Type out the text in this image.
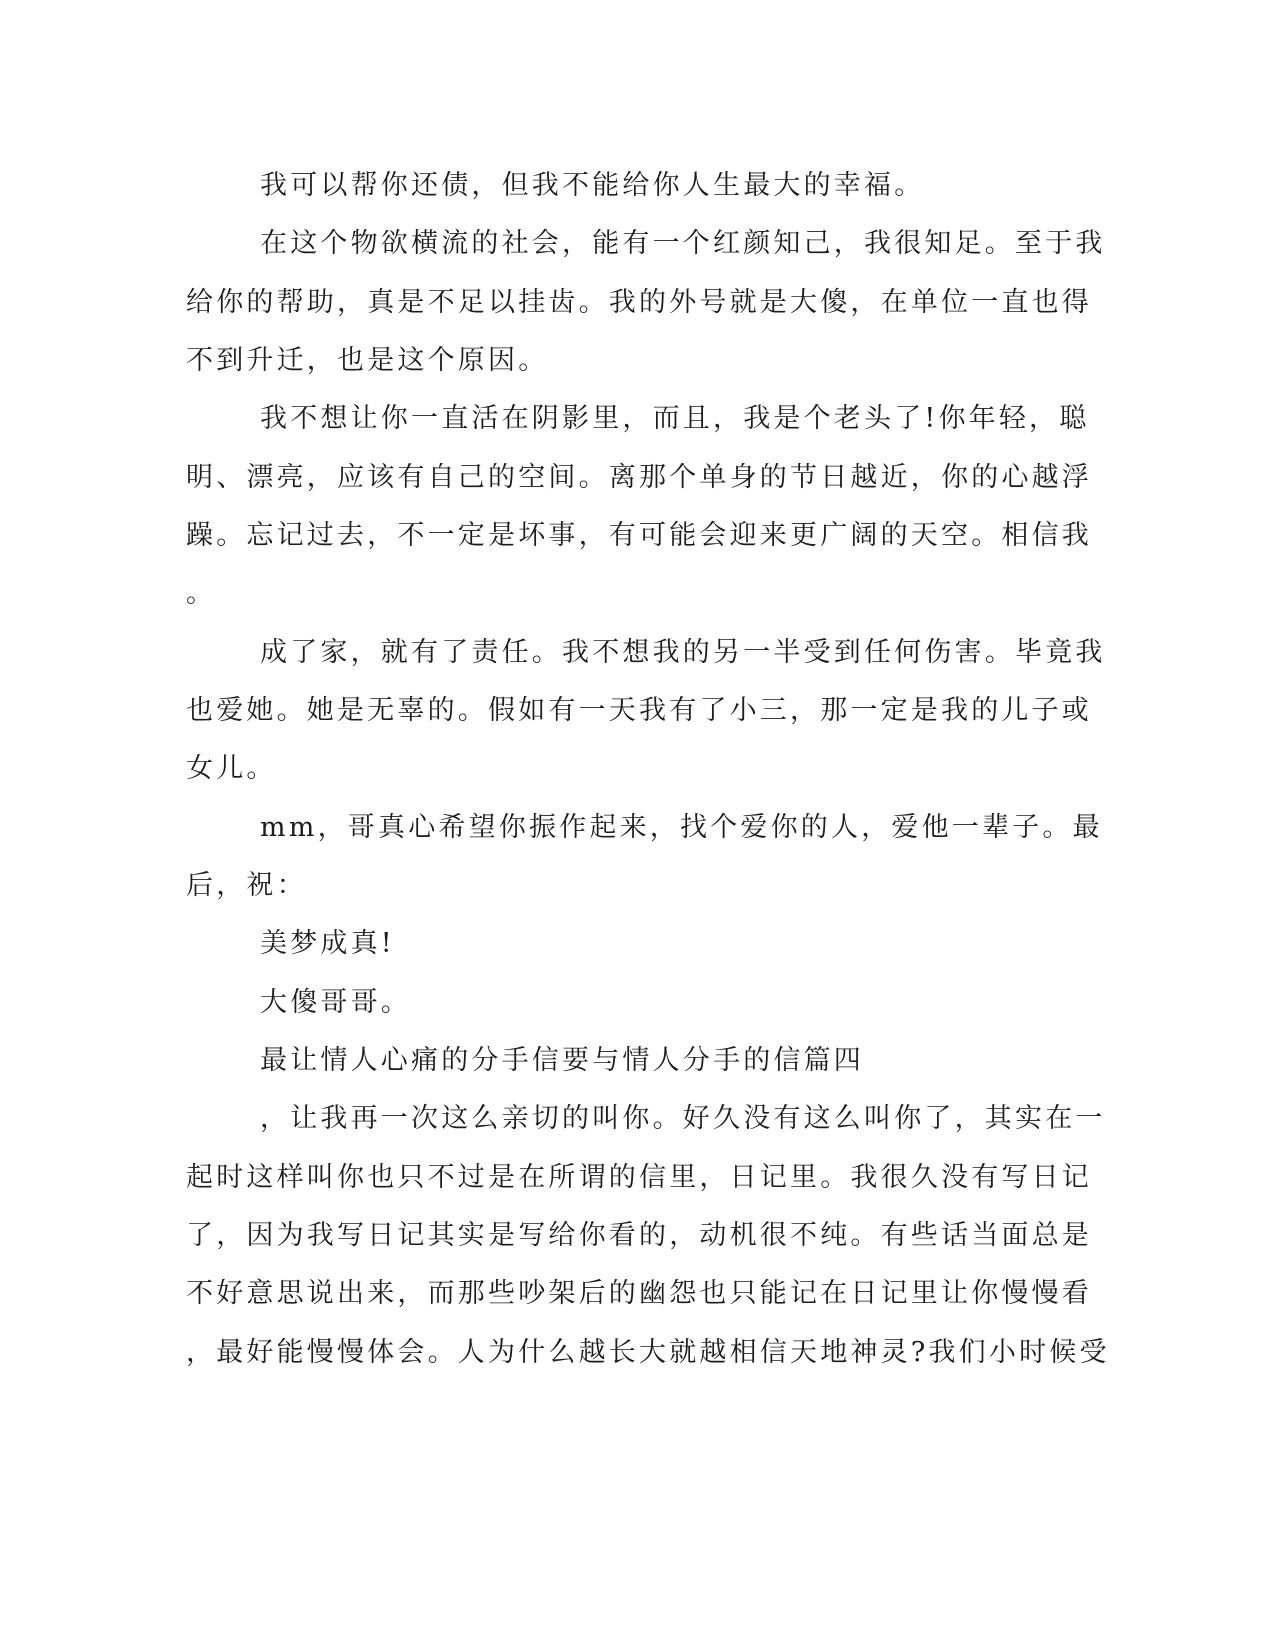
我可以帮你还债，但我不能给你人生最大的幸福。
在这个物欲横流的社会，能有一个红颜知己，我很知足。至于我
给你的帮助，真是不足以挂齿。我的外号就是大傻，在单位一直也得
不到升迁，也是这个原因。
我不想让你一直活在阴影里，而且，我是个老头了!你年轻，聪
明、漂亮，应该有自己的空间。离那个单身的节日越近，你的心越浮
躁。忘记过去，不一定是坏事，有可能会迎来更广阔的天空。相信我
。
成了家，就有了责任。我不想我的另一半受到任何伤害。毕竟我
也爱她。她是无辜的。假如有一天我有了小三，那一定是我的儿子或
女儿。
mm，哥真心希望你振作起来，找个爱你的人，爱他一辈子。最
后，祝：
美梦成真!
大傻哥哥。
最让情人心痛的分手信要与情人分手的信篇四
，让我再一次这么亲切的叫你。好久没有这么叫你了，其实在一
起时这样叫你也只不过是在所谓的信里，日记里。我很久没有写日记
了，因为我写日记其实是写给你看的，动机很不纯。有些话当面总是
不好意思说出来，而那些吵架后的幽怨也只能记在日记里让你慢慢看
，最好能慢慢体会。人为什么越长大就越相信天地神灵?我们小时候受
